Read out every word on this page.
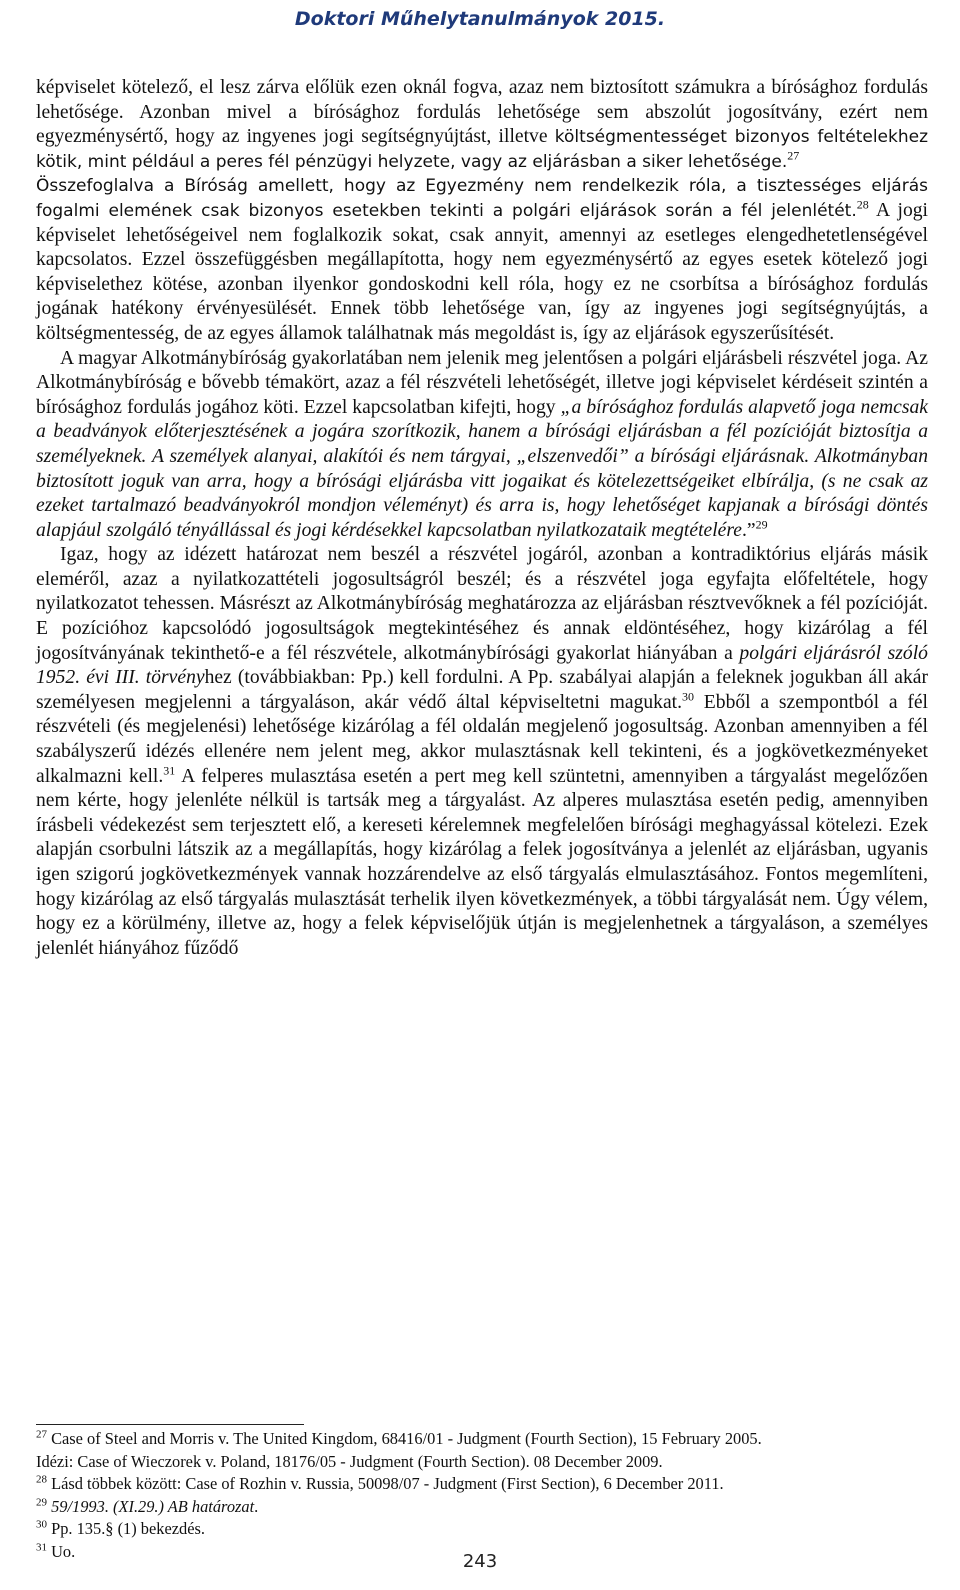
Doktori Műhelytanulmányok 2015.

képviselet kötelező, el lesz zárva előlük ezen oknál fogva, azaz nem biztosított számukra a bírósághoz fordulás lehetősége. Azonban mivel a bírósághoz fordulás lehetősége sem abszolút jogosítvány, ezért nem egyezménysértő, hogy az ingyenes jogi segítségnyújtást, illetve költségmentességet bizonyos feltételekhez kötik, mint például a peres fél pénzügyi helyzete, vagy az eljárásban a siker lehetősége.$^{27}$

Összefoglalva a Bíróság amellett, hogy az Egyezmény nem rendelkezik róla, a tisztességes eljárás fogalmi elemének csak bizonyos esetekben tekinti a polgári eljárások során a fél jelenlétét.$^{28}$ A jogi képviselet lehetőségeivel nem foglalkozik sokat, csak annyit, amennyi az esetleges elengedhetetlenségével kapcsolatos. Ezzel összefüggésben megállapította, hogy nem egyezménysértő az egyes esetek kötelező jogi képviselethez kötése, azonban ilyenkor gondoskodni kell róla, hogy ez ne csorbítsa a bírósághoz fordulás jogának hatékony érvényesülését. Ennek több lehetősége van, így az ingyenes jogi segítségnyújtás, a költségmentesség, de az egyes államok találhatnak más megoldást is, így az eljárások egyszerűsítését.

A magyar Alkotmánybíróság gyakorlatában nem jelenik meg jelentősen a polgári eljárásbeli részvétel joga. Az Alkotmánybíróság e bővebb témakört, azaz a fél részvételi lehetőségét, illetve jogi képviselet kérdéseit szintén a bírósághoz fordulás jogához köti. Ezzel kapcsolatban kifejti, hogy „a bírósághoz fordulás alapvető joga nemcsak a beadványok előterjesztésének a jogára szorítkozik, hanem a bírósági eljárásban a fél pozícióját biztosítja a személyeknek. A személyek alanyai, alakítói és nem tárgyai, „elszenvedői” a bírósági eljárásnak. Alkotmányban biztosított joguk van arra, hogy a bírósági eljárásba vitt jogaikat és kötelezettségeiket elbírálja, (s ne csak az ezeket tartalmazó beadványokról mondjon véleményt) és arra is, hogy lehetőséget kapjanak a bírósági döntés alapjául szolgáló tényállással és jogi kérdésekkel kapcsolatban nyilatkozataik megtételére.”$^{29}$

Igaz, hogy az idézett határozat nem beszél a részvétel jogáról, azonban a kontradiktórius eljárás másik eleméről, azaz a nyilatkozattételi jogosultságról beszél; és a részvétel joga egyfajta előfeltétele, hogy nyilatkozatot tehessen. Másrészt az Alkotmánybíróság meghatározza az eljárásban résztvevőknek a fél pozícióját. E pozícióhoz kapcsolódó jogosultságok megtekintéséhez és annak eldöntéséhez, hogy kizárólag a fél jogosítványának tekinthető-e a fél részvétele, alkotmánybírósági gyakorlat hiányában a polgári eljárásról szóló 1952. évi III. törvényhez (továbbiakban: Pp.) kell fordulni. A Pp. szabályai alapján a feleknek jogukban áll akár személyesen megjelenni a tárgyaláson, akár védő által képviseltetni magukat.$^{30}$ Ebből a szempontból a fél részvételi (és megjelenési) lehetősége kizárólag a fél oldalán megjelenő jogosultság. Azonban amennyiben a fél szabályszerű idézés ellenére nem jelent meg, akkor mulasztásnak kell tekinteni, és a jogkövetkezményeket alkalmazni kell.$^{31}$ A felperes mulasztása esetén a pert meg kell szüntetni, amennyiben a tárgyalást megelőzően nem kérte, hogy jelenléte nélkül is tartsák meg a tárgyalást. Az alperes mulasztása esetén pedig, amennyiben írásbeli védekezést sem terjesztett elő, a kereseti kérelemnek megfelelően bírósági meghagyással kötelezi. Ezek alapján csorbulni látszik az a megállapítás, hogy kizárólag a felek jogosítványa a jelenlét az eljárásban, ugyanis igen szigorú jogkövetkezmények vannak hozzárendelve az első tárgyalás elmulasztásához. Fontos megemlíteni, hogy kizárólag az első tárgyalás mulasztását terhelik ilyen következmények, a többi tárgyalását nem. Úgy vélem, hogy ez a körülmény, illetve az, hogy a felek képviselőjük útján is megjelenhetnek a tárgyaláson, a személyes jelenlét hiányához fűződő

$^{27}$ Case of Steel and Morris v. The United Kingdom, 68416/01 - Judgment (Fourth Section), 15 February 2005.

Idézi: Case of Wieczorek v. Poland, 18176/05 - Judgment (Fourth Section). 08 December 2009.

$^{28}$ Lásd többek között: Case of Rozhin v. Russia, 50098/07 - Judgment (First Section), 6 December 2011.

$^{29}$ 59/1993. (XI.29.) AB határozat.

$^{30}$ Pp. 135.§ (1) bekezdés.

$^{31}$ Uo.	243
